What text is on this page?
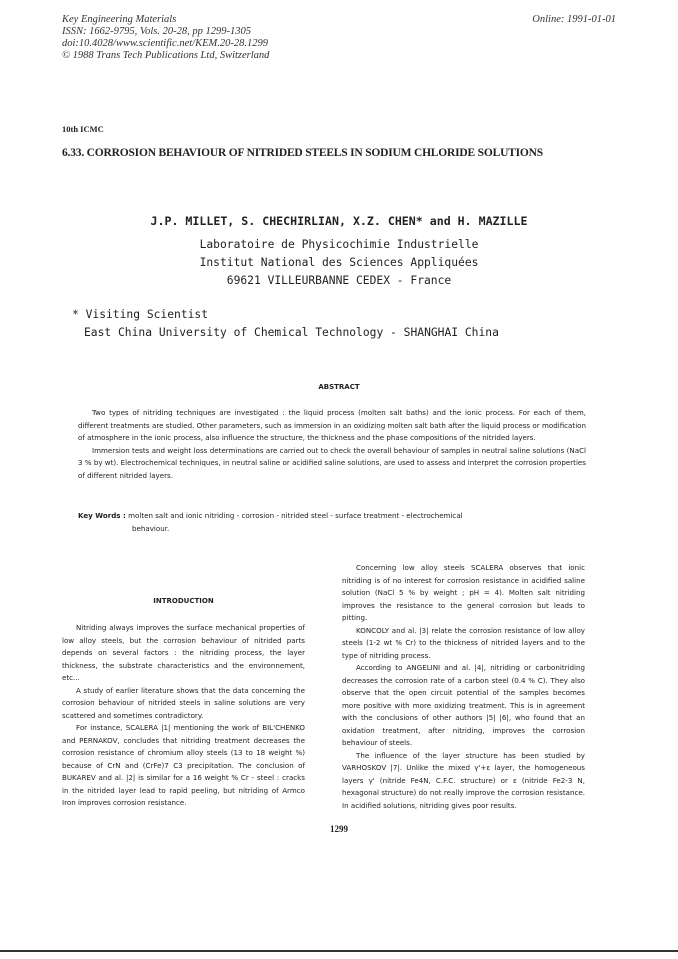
Key Engineering Materials
ISSN: 1662-9795, Vols. 20-28, pp 1299-1305
doi:10.4028/www.scientific.net/KEM.20-28.1299
© 1988 Trans Tech Publications Ltd, Switzerland
Online: 1991-01-01
10th ICMC
6.33. CORROSION BEHAVIOUR OF NITRIDED STEELS IN SODIUM CHLORIDE SOLUTIONS
J.P. MILLET, S. CHECHIRLIAN, X.Z. CHEN* and H. MAZILLE
Laboratoire de Physicochimie Industrielle
Institut National des Sciences Appliquées
69621 VILLEURBANNE CEDEX - France
* Visiting Scientist
East China University of Chemical Technology - SHANGHAI China
ABSTRACT

Two types of nitriding techniques are investigated : the liquid process (molten salt baths) and the ionic process. For each of them, different treatments are studied. Other parameters, such as immersion in an oxidizing molten salt bath after the liquid process or modification of atmosphere in the ionic process, also influence the structure, the thickness and the phase compositions of the nitrided layers.

Immersion tests and weight loss determinations are carried out to check the overall behaviour of samples in neutral saline solutions (NaCl 3 % by wt). Electrochemical techniques, in neutral saline or acidified saline solutions, are used to assess and interpret the corrosion properties of different nitrided layers.

Key Words : molten salt and ionic nitriding - corrosion - nitrided steel - surface treatment - electrochemical
behaviour.
INTRODUCTION

Nitriding always improves the surface mechanical properties of low alloy steels, but the corrosion behaviour of nitrided parts depends on several factors : the nitriding process, the layer thickness, the substrate characteristics and the environnement, etc...

A study of earlier literature shows that the data concerning the corrosion behaviour of nitrided steels in saline solutions are very scattered and sometimes contradictory.

For instance, SCALERA |1| mentioning the work of BIL'CHENKO and PERNAKOV, concludes that nitriding treatment decreases the corrosion resistance of chromium alloy steels (13 to 18 weight %) because of CrN and (CrFe)7 C3 precipitation. The conclusion of BUKAREV and al. |2| is similar for a 16 weight % Cr - steel : cracks in the nitrided layer lead to rapid peeling, but nitriding of Armco Iron improves corrosion resistance.

Concerning low alloy steels SCALERA observes that ionic nitriding is of no interest for corrosion resistance in acidified saline solution (NaCl 5 % by weight ; pH = 4). Molten salt nitriding improves the resistance to the general corrosion but leads to pitting.

KONCOLY and al. |3| relate the corrosion resistance of low alloy steels (1-2 wt % Cr) to the thickness of nitrided layers and to the type of nitriding process.

According to ANGELINI and al. |4|, nitriding or carbonitriding decreases the corrosion rate of a carbon steel (0.4 % C). They also observe that the open circuit potential of the samples becomes more positive with more oxidizing treatment. This is in agreement with the conclusions of other authors |5| |6|, who found that an oxidation treatment, after nitriding, improves the corrosion behaviour of steels.

The influence of the layer structure has been studied by VARHOSKOV |7|. Unlike the mixed γ'+ε layer, the homogeneous layers γ' (nitride Fe4N, C.F.C. structure) or ε (nitride Fe2-3 N, hexagonal structure) do not really improve the corrosion resistance. In acidified solutions, nitriding gives poor results.

1299
